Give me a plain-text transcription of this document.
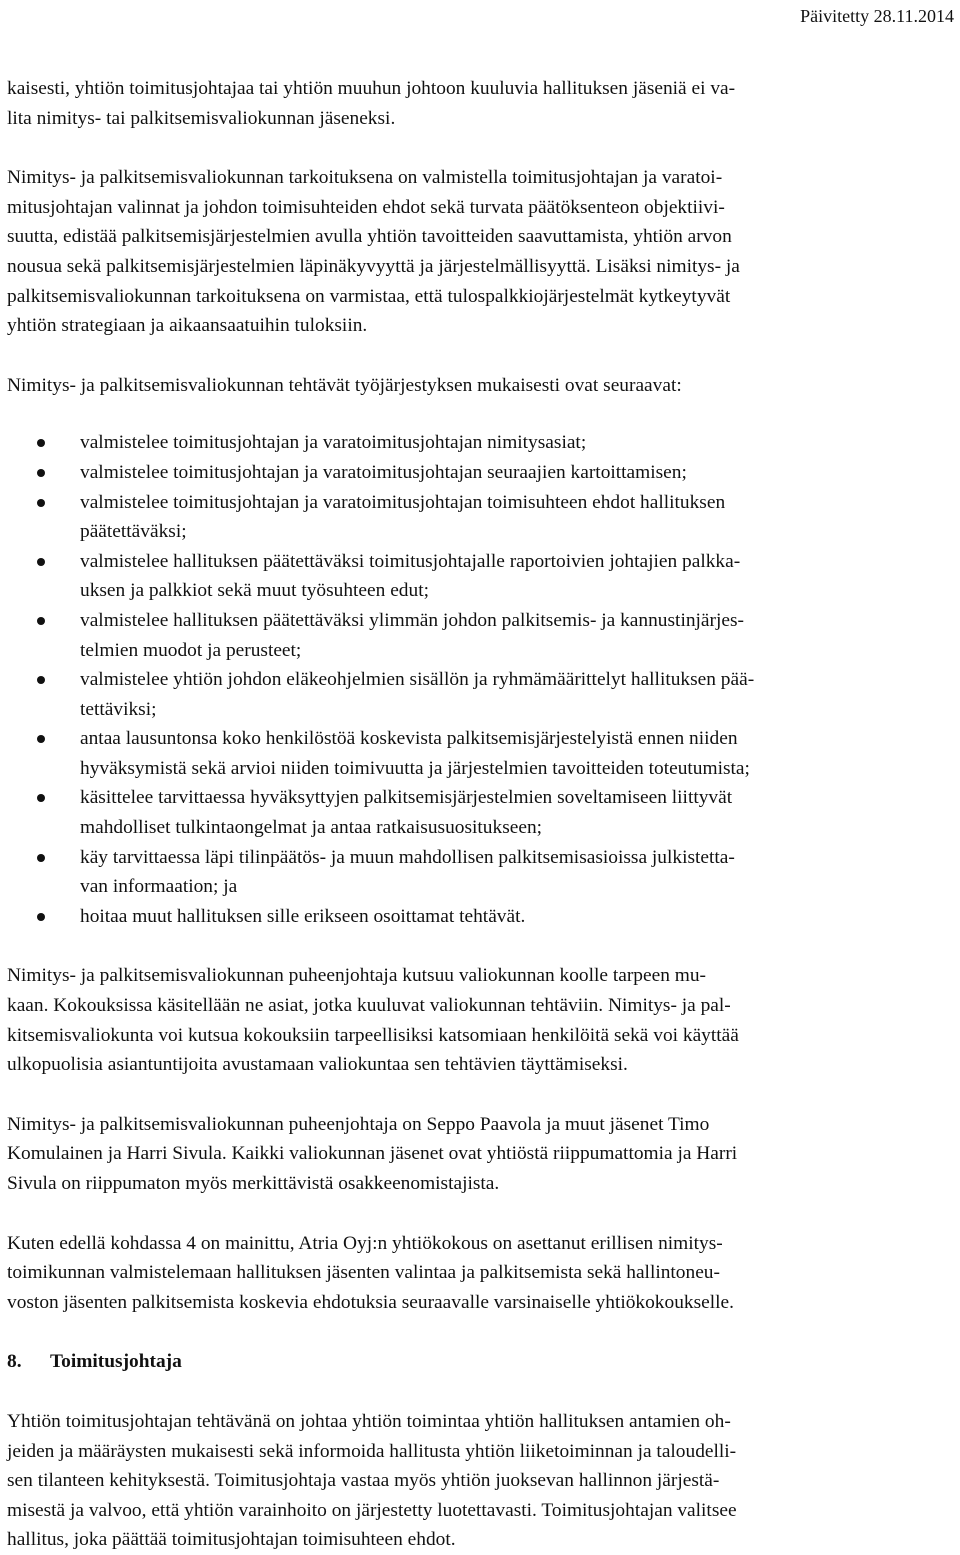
Päivitetty 28.11.2014

kaisesti, yhtiön toimitusjohtajaa tai yhtiön muuhun johtoon kuuluvia hallituksen jäseniä ei va-
lita nimitys- tai palkitsemisvaliokunnan jäseneksi.

Nimitys- ja palkitsemisvaliokunnan tarkoituksena on valmistella toimitusjohtajan ja varatoi-
mitusjohtajan valinnat ja johdon toimisuhteiden ehdot sekä turvata päätöksenteon objektiivi-
suutta, edistää palkitsemisjärjestelmien avulla yhtiön tavoitteiden saavuttamista, yhtiön arvon
nousua sekä palkitsemisjärjestelmien läpinäkyvyyttä ja järjestelmällisyyttä. Lisäksi nimitys- ja
palkitsemisvaliokunnan tarkoituksena on varmistaa, että tulospalkkiojärjestelmät kytkeytyvät
yhtiön strategiaan ja aikaansaatuihin tuloksiin.

Nimitys- ja palkitsemisvaliokunnan tehtävät työjärjestyksen mukaisesti ovat seuraavat:

valmistelee toimitusjohtajan ja varatoimitusjohtajan nimitysasiat;
valmistelee toimitusjohtajan ja varatoimitusjohtajan seuraajien kartoittamisen;
valmistelee toimitusjohtajan ja varatoimitusjohtajan toimisuhteen ehdot hallituksen
päätettäväksi;
valmistelee hallituksen päätettäväksi toimitusjohtajalle raportoivien johtajien palkka-
uksen ja palkkiot sekä muut työsuhteen edut;
valmistelee hallituksen päätettäväksi ylimmän johdon palkitsemis- ja kannustinjärjes-
telmien muodot ja perusteet;
valmistelee yhtiön johdon eläkeohjelmien sisällön ja ryhmämäärittelyt hallituksen pää-
tettäviksi;
antaa lausuntonsa koko henkilöstöä koskevista palkitsemisjärjestelyistä ennen niiden
hyväksymistä sekä arvioi niiden toimivuutta ja järjestelmien tavoitteiden toteutumista;
käsittelee tarvittaessa hyväksyttyjen palkitsemisjärjestelmien soveltamiseen liittyvät
mahdolliset tulkintaongelmat ja antaa ratkaisusuositukseen;
käy tarvittaessa läpi tilinpäätös- ja muun mahdollisen palkitsemisasioissa julkistetta-
van informaation; ja
hoitaa muut hallituksen sille erikseen osoittamat tehtävät.

Nimitys- ja palkitsemisvaliokunnan puheenjohtaja kutsuu valiokunnan koolle tarpeen mu-
kaan. Kokouksissa käsitellään ne asiat, jotka kuuluvat valiokunnan tehtäviin. Nimitys- ja pal-
kitsemisvaliokunta voi kutsua kokouksiin tarpeellisiksi katsomiaan henkilöitä sekä voi käyttää
ulkopuolisia asiantuntijoita avustamaan valiokuntaa sen tehtävien täyttämiseksi.

Nimitys- ja palkitsemisvaliokunnan puheenjohtaja on Seppo Paavola ja muut jäsenet Timo
Komulainen ja Harri Sivula. Kaikki valiokunnan jäsenet ovat yhtiöstä riippumattomia ja Harri
Sivula on riippumaton myös merkittävistä osakkeenomistajista.

Kuten edellä kohdassa 4 on mainittu, Atria Oyj:n yhtiökokous on asettanut erillisen nimitys-
toimikunnan valmistelemaan hallituksen jäsenten valintaa ja palkitsemista sekä hallintoneu-
voston jäsenten palkitsemista koskevia ehdotuksia seuraavalle varsinaiselle yhtiökokoukselle.

8. Toimitusjohtaja

Yhtiön toimitusjohtajan tehtävänä on johtaa yhtiön toimintaa yhtiön hallituksen antamien oh-
jeiden ja määräysten mukaisesti sekä informoida hallitusta yhtiön liiketoiminnan ja taloudelli-
sen tilanteen kehityksestä. Toimitusjohtaja vastaa myös yhtiön juoksevan hallinnon järjestä-
misestä ja valvoo, että yhtiön varainhoito on järjestetty luotettavasti. Toimitusjohtajan valitsee
hallitus, joka päättää toimitusjohtajan toimisuhteen ehdot.
